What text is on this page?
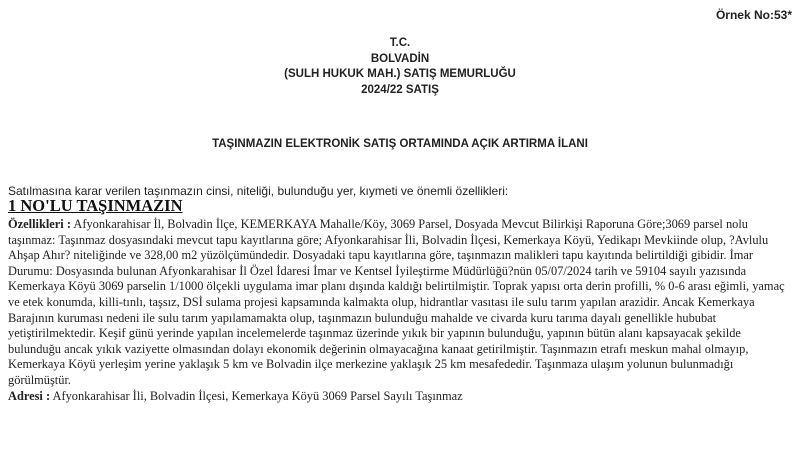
Örnek No:53*
T.C.
BOLVADİN
(SULH HUKUK MAH.) SATIŞ MEMURLUĞU
2024/22 SATIŞ
TAŞINMAZIN ELEKTRONİK SATIŞ ORTAMINDA AÇIK ARTIRMA İLANI
Satılmasına karar verilen taşınmazın cinsi, niteliği, bulunduğu yer, kıymeti ve önemli özellikleri:
1 NO'LU TAŞINMAZIN

Özellikleri : Afyonkarahisar İl, Bolvadin İlçe, KEMERKAYA Mahalle/Köy, 3069 Parsel, Dosyada Mevcut Bilirkişi Raporuna Göre;3069 parsel nolu taşınmaz: Taşınmaz dosyasındaki mevcut tapu kayıtlarına göre; Afyonkarahisar İli, Bolvadin İlçesi, Kemerkaya Köyü, Yedikapı Mevkiinde olup, ?Avlulu Ahşap Ahır? niteliğinde ve 328,00 m2 yüzölçümündedir. Dosyadaki tapu kayıtlarına göre, taşınmazın malikleri tapu kayıtında belirtildiği gibidir. İmar Durumu: Dosyasında bulunan Afyonkarahisar İl Özel İdaresi İmar ve Kentsel İyileştirme Müdürlüğü?nün 05/07/2024 tarih ve 59104 sayılı yazısında Kemerkaya Köyü 3069 parselin 1/1000 ölçekli uygulama imar planı dışında kaldığı belirtilmiştir. Toprak yapısı orta derin profilli, % 0-6 arası eğimli, yamaç ve etek konumda, killi-tınlı, taşsız, DSİ sulama projesi kapsamında kalmakta olup, hidrantlar vasıtası ile sulu tarım yapılan arazidir. Ancak Kemerkaya Barajının kuruması nedeni ile sulu tarım yapılamamakta olup, taşınmazın bulunduğu mahalde ve civarda kuru tarıma dayalı genellikle hububat yetiştirilmektedir. Keşif günü yerinde yapılan incelemelerde taşınmaz üzerinde yıkık bir yapının bulunduğu, yapının bütün alanı kapsayacak şekilde bulunduğu ancak yıkık vaziyette olmasından dolayı ekonomik değerinin olmayacağına kanaat getirilmiştir. Taşınmazın etrafı meskun mahal olmayıp, Kemerkaya Köyü yerleşim yerine yaklaşık 5 km ve Bolvadin ilçe merkezine yaklaşık 25 km mesafededir. Taşınmaza ulaşım yolunun bulunmadığı görülmüştür.

Adresi : Afyonkarahisar İli, Bolvadin İlçesi, Kemerkaya Köyü 3069 Parsel Sayılı Taşınmaz
